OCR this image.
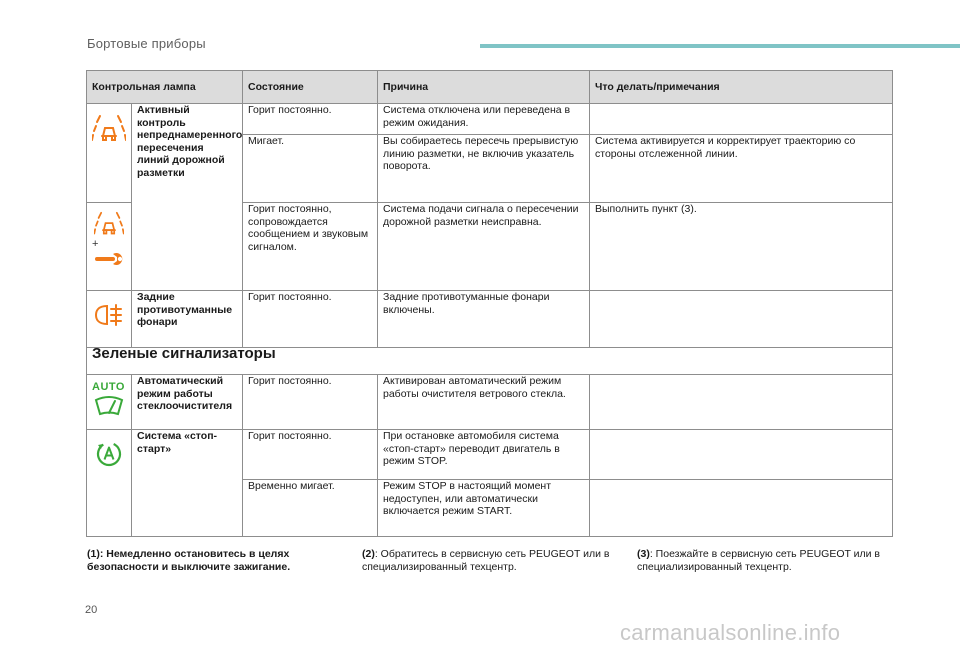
Бортовые приборы
Контрольная лампа		Состояние	Причина	Что делать/примечания

	Активный контроль непреднамеренного пересечения линий дорожной разметки	Горит постоянно.	Система отключена или переведена в режим ожидания.	
		Мигает.	Вы собираетесь пересечь прерывистую линию разметки, не включив указатель поворота.	Система активируется и корректирует траекторию со стороны отслеженной линии.

+		Горит постоянно, сопровождается сообщением и звуковым сигналом.	Система подачи сигнала о пересечении дорожной разметки неисправна.	Выполнить пункт (3).

	Задние противотуманные фонари	Горит постоянно.	Задние противотуманные фонари включены.	
Зеленые сигнализаторы				

AUTO	Автоматический режим работы стеклоочистителя	Горит постоянно.	Активирован автоматический режим работы очистителя ветрового стекла.	

	Система «стоп-старт»	Горит постоянно.	При остановке автомобиля система «стоп-старт» переводит двигатель в режим STOP.	
		Временно мигает.	Режим STOP в настоящий момент недоступен, или автоматически включается режим START.	
(1): Немедленно остановитесь в целях безопасности и выключите зажигание.
(2): Обратитесь в сервисную сеть PEUGEOT или в специализированный техцентр.
(3): Поезжайте в сервисную сеть PEUGEOT или в специализированный техцентр.
20
carmanualsonline.info
